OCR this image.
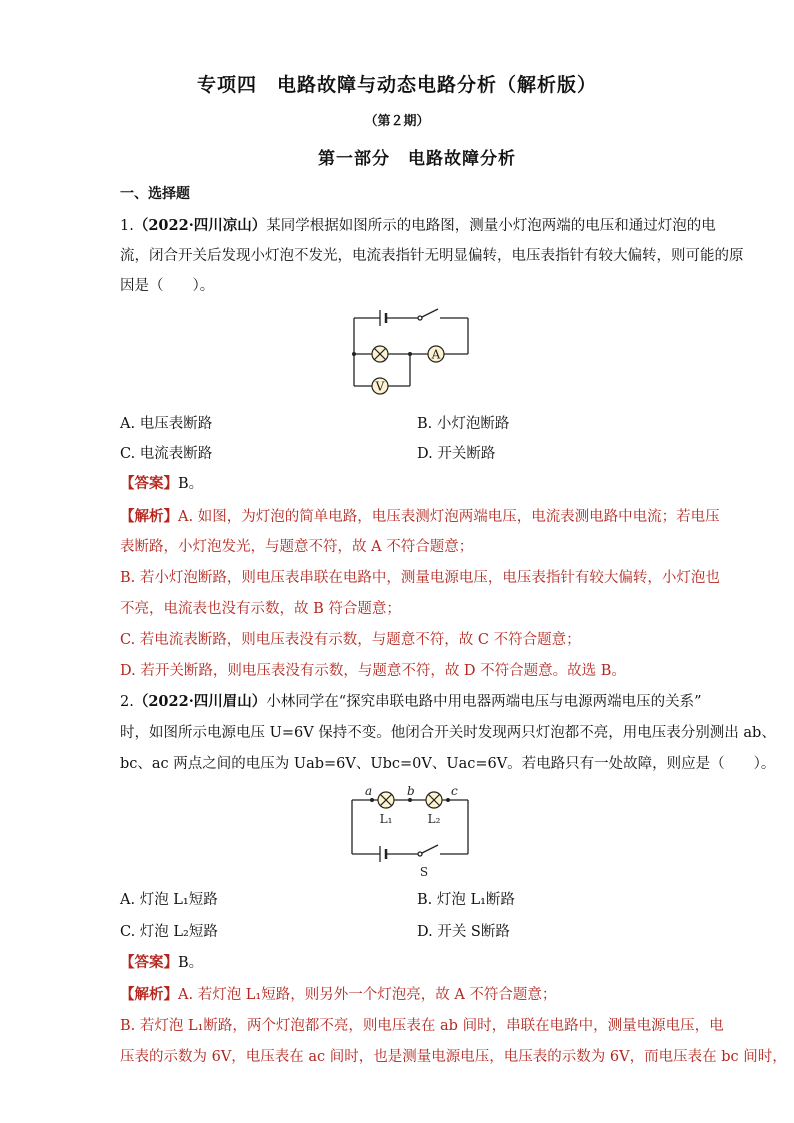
专项四　电路故障与动态电路分析（解析版）
（第２期）
第一部分　电路故障分析
一、选择题
1.（2022·四川凉山）某同学根据如图所示的电路图，测量小灯泡两端的电压和通过灯泡的电
流，闭合开关后发现小灯泡不发光，电流表指针无明显偏转，电压表指针有较大偏转，则可能的原
因是（　　）。
A
V
A. 电压表断路	B. 小灯泡断路
C. 电流表断路	D. 开关断路
【答案】B。
【解析】A. 如图，为灯泡的简单电路，电压表测灯泡两端电压，电流表测电路中电流；若电压
表断路，小灯泡发光，与题意不符，故 A 不符合题意；
B. 若小灯泡断路，则电压表串联在电路中，测量电源电压，电压表指针有较大偏转，小灯泡也
不亮，电流表也没有示数，故 B 符合题意；
C. 若电流表断路，则电压表没有示数，与题意不符，故 C 不符合题意；
D. 若开关断路，则电压表没有示数，与题意不符，故 D 不符合题意。故选 B。
2.（2022·四川眉山）小林同学在“探究串联电路中用电器两端电压与电源两端电压的关系”
时，如图所示电源电压 U=6V 保持不变。他闭合开关时发现两只灯泡都不亮，用电压表分别测出 ab、
bc、ac 两点之间的电压为 Uab=6V、Ubc=0V、Uac=6V。若电路只有一处故障，则应是（　　）。
a	b	c
L₁	L₂
S
A. 灯泡 L₁短路	B. 灯泡 L₁断路
C. 灯泡 L₂短路	D. 开关 S断路
【答案】B。
【解析】A. 若灯泡 L₁短路，则另外一个灯泡亮，故 A 不符合题意；
B. 若灯泡 L₁断路，两个灯泡都不亮，则电压表在 ab 间时，串联在电路中，测量电源电压，电
压表的示数为 6V，电压表在 ac 间时，也是测量电源电压，电压表的示数为 6V，而电压表在 bc 间时，
